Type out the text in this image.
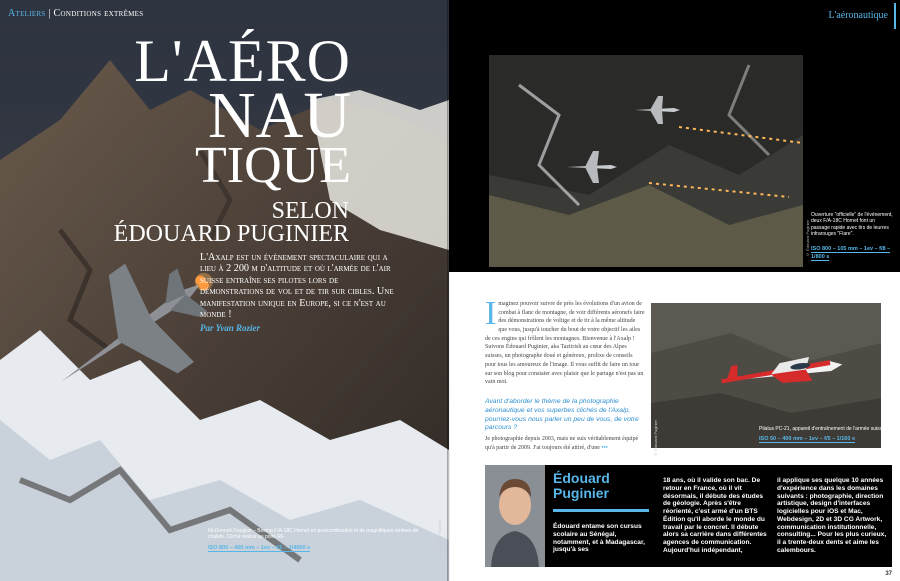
Ateliers | Conditions extrêmes
L'AÉRO
NAU
TIQUE
SELON
ÉDOUARD PUGINIER
L'Axalp est un évènement spectaculaire qui a lieu à 2 200 m d'altitude et où l'armée de l'air suisse entraîne ses pilotes lors de démonstrations de vol et de tir sur cibles. Une manifestation unique en Europe, si ce n'est au monde !
Par Yvan Rozier
McDonnell-Douglas – Boeing F/A-18C Hornet en postcombustion et de magnifiques ombres de chalets. Cliché réalisé au point RF.
ISO 800 – 400 mm – 1ev – f/5 – 1/4000 s	© Édouard Puginier
L'aéronautique
© Édouard Puginier
Ouverture "officielle" de l'événement, deux F/A-18C Hornet font un passage rapide avec tirs de leurres infrarouges "Flare".
ISO 800 – 105 mm – 1ev – f/8 – 1/800 s
I maginez pouvoir suivre de près les évolutions d'un avion de combat à flanc de montagne, de voir différents aéronefs faire des démonstrations de voltige et de tir à la même altitude que vous, jusqu'à toucher du bout de votre objectif les ailes de ces engins qui frôlent les montagnes. Bienvenue à l'Axalp ! Suivons Édouard Puginier, aka Taztirish au cœur des Alpes suisses, un photographe doué et généreux, prolixe de conseils pour tous les amoureux de l'image. Il vous suffit de faire un tour sur son blog pour constater avec plaisir que le partage n'est pas un vain mot.
Avant d'aborder le thème de la photographie aéronautique et vos superbes clichés de l'Axalp, pourriez-vous nous parler un peu de vous, de votre parcours ?
Je photographie depuis 2003, mais ne suis véritablement équipé qu'à partir de 2009. J'ai toujours été attiré, d'une •••	© Édouard Puginier	Pilatus PC-21, appareil d'entraînement de l'armée suisse.
ISO 50 – 400 mm – 1ev – f/5 – 1/160 s
Édouard
Puginier
Édouard entame son cursus scolaire au Sénégal, notamment, et à Madagascar, jusqu'à ses
18 ans, où il valide son bac. De retour en France, où il vit désormais, il débute des études de géologie. Après s'être réorienté, c'est armé d'un BTS Édition qu'il aborde le monde du travail par le concret. Il débute alors sa carrière dans différentes agences de communication. Aujourd'hui indépendant,
il applique ses quelque 10 années d'expérience dans les domaines suivants : photographie, direction artistique, design d'interfaces logicielles pour iOS et Mac, Webdesign, 2D et 3D CG Artwork, communication institutionnelle, consulting... Pour les plus curieux, il a trente-deux dents et aime les calembours.
37
